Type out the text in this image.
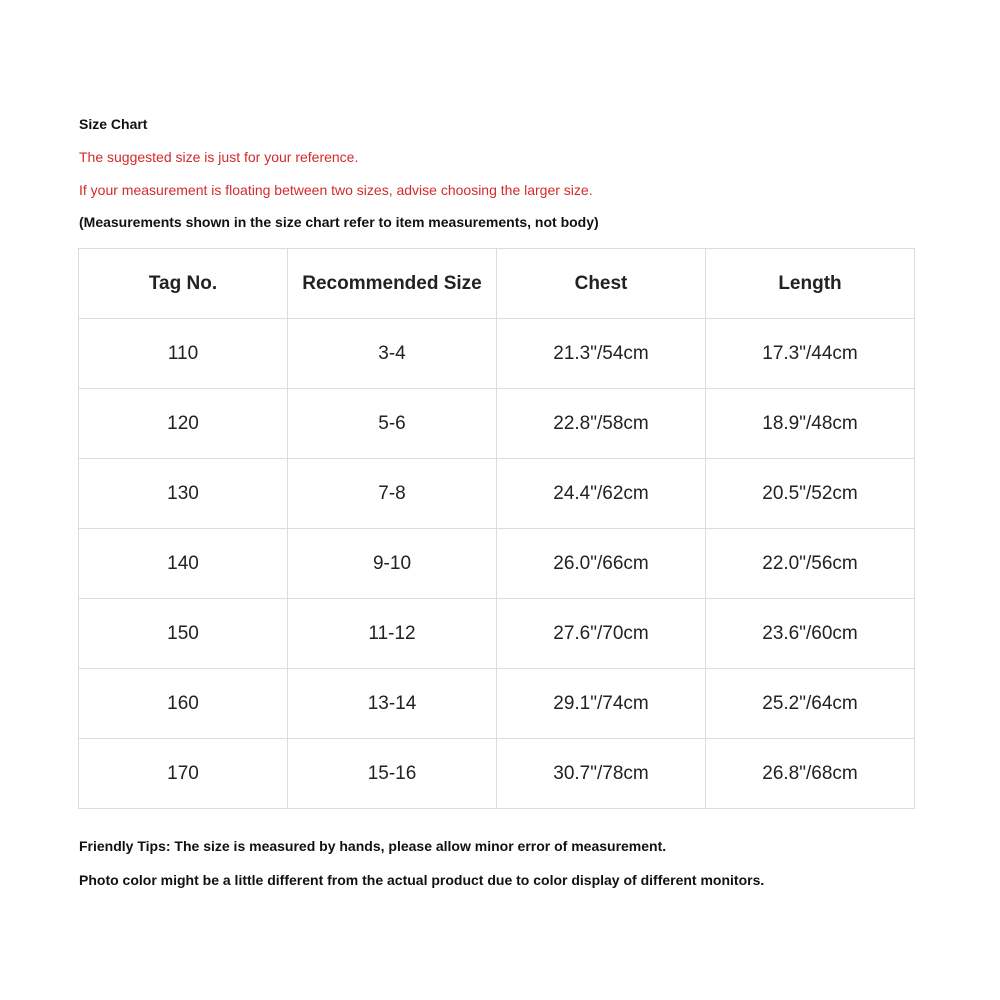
Size Chart
The suggested size is just for your reference.
If your measurement is floating between two sizes, advise choosing the larger size.
(Measurements shown in the size chart refer to item measurements, not body)
Tag No.	Recommended Size	Chest	Length
110	3-4	21.3"/54cm	17.3"/44cm
120	5-6	22.8"/58cm	18.9"/48cm
130	7-8	24.4"/62cm	20.5"/52cm
140	9-10	26.0"/66cm	22.0"/56cm
150	11-12	27.6"/70cm	23.6"/60cm
160	13-14	29.1"/74cm	25.2"/64cm
170	15-16	30.7"/78cm	26.8"/68cm
Friendly Tips: The size is measured by hands, please allow minor error of measurement.
Photo color might be a little different from the actual product due to color display of different monitors.
